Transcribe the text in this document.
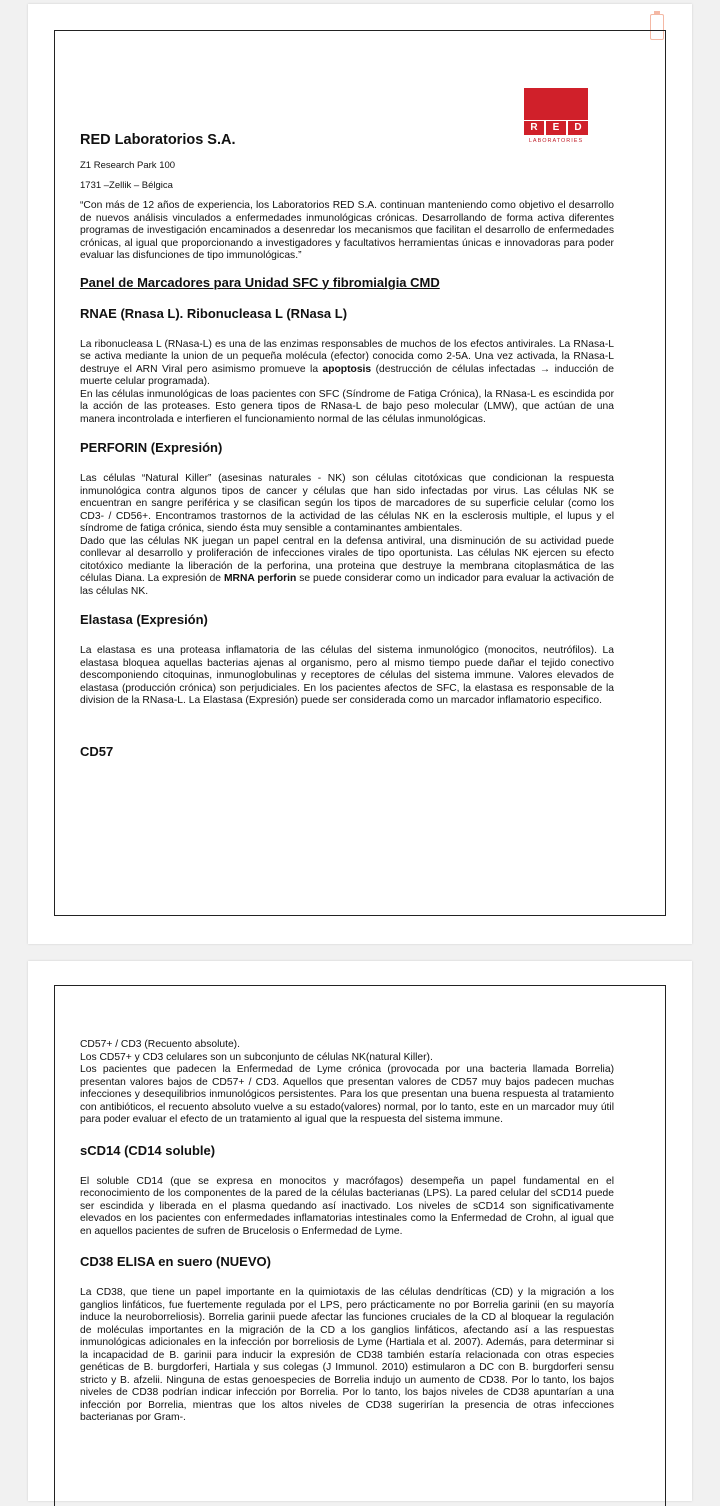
R	E	D
LABORATORIES
RED Laboratorios S.A.
Z1 Research Park 100
1731 –Zellik – Bélgica

“Con más de 12 años de experiencia, los Laboratorios RED S.A. continuan manteniendo como objetivo el desarrollo de nuevos análisis vinculados a enfermedades inmunológicas crónicas. Desarrollando de forma activa diferentes programas de investigación encaminados a desenredar los mecanismos que facilitan el desarrollo de enfermedades crónicas, al igual que proporcionando a investigadores y facultativos herramientas únicas e innovadoras para poder evaluar las disfunciones de tipo immunológicas.”

Panel de Marcadores para Unidad SFC y fibromialgia CMD
RNAE (Rnasa L). Ribonucleasa L (RNasa L)

La ribonucleasa L (RNasa-L) es una de las enzimas responsables de muchos de los efectos antivirales. La RNasa-L se activa mediante la union de un pequeña molécula (efector) conocida como 2-5A. Una vez activada, la RNasa-L destruye el ARN Viral pero asimismo promueve la apoptosis (destrucción de células infectadas → inducción de muerte celular programada).

En las células inmunológicas de loas pacientes con SFC (Síndrome de Fatiga Crónica), la RNasa-L es escindida por la acción de las proteases. Esto genera tipos de RNasa-L de bajo peso molecular (LMW), que actúan de una manera incontrolada e interfieren el funcionamiento normal de las células inmunológicas.

PERFORIN (Expresión)

Las células “Natural Killer” (asesinas naturales - NK) son células citotóxicas que condicionan la respuesta inmunológica contra algunos tipos de cancer y células que han sido infectadas por virus. Las células NK se encuentran en sangre periférica y se clasifican según los tipos de marcadores de su superficie celular (como los CD3- / CD56+. Encontramos trastornos de la actividad de las células NK en la esclerosis multiple, el lupus y el síndrome de fatiga crónica, siendo ésta muy sensible a contaminantes ambientales.

Dado que las células NK juegan un papel central en la defensa antiviral, una disminución de su actividad puede conllevar al desarrollo y proliferación de infecciones virales de tipo oportunista. Las células NK ejercen su efecto citotóxico mediante la liberación de la perforina, una proteina que destruye la membrana citoplasmática de las células Diana. La expresión de MRNA perforin se puede considerar como un indicador para evaluar la activación de las células NK.

Elastasa (Expresión)

La elastasa es una proteasa inflamatoria de las células del sistema inmunológico (monocitos, neutrófilos). La elastasa bloquea aquellas bacterias ajenas al organismo, pero al mismo tiempo puede dañar el tejido conectivo descomponiendo citoquinas, inmunoglobulinas y receptores de células del sistema immune. Valores elevados de elastasa (producción crónica) son perjudiciales. En los pacientes afectos de SFC, la elastasa es responsable de la division de la RNasa-L. La Elastasa (Expresión) puede ser considerada como un marcador inflamatorio especifico.

CD57

CD57+ / CD3 (Recuento absolute).

Los CD57+ y CD3 celulares son un subconjunto de células NK(natural Killer).

Los pacientes que padecen la Enfermedad de Lyme crónica (provocada por una bacteria llamada Borrelia) presentan valores bajos de CD57+ / CD3. Aquellos que presentan valores de CD57 muy bajos padecen muchas infecciones y desequilibrios inmunológicos persistentes. Para los que presentan una buena respuesta al tratamiento con antibióticos, el recuento absoluto vuelve a su estado(valores) normal, por lo tanto, este en un marcador muy útil para poder evaluar el efecto de un tratamiento al igual que la respuesta del sistema immune.

sCD14 (CD14 soluble)

El soluble CD14 (que se expresa en monocitos y macrófagos) desempeña un papel fundamental en el reconocimiento de los componentes de la pared de la células bacterianas (LPS). La pared celular del sCD14 puede ser escindida y liberada en el plasma quedando así inactivado. Los niveles de sCD14 son significativamente elevados en los pacientes con enfermedades inflamatorias intestinales como la Enfermedad de Crohn, al igual que en aquellos pacientes de sufren de Brucelosis o Enfermedad de Lyme.

CD38 ELISA en suero (NUEVO)

La CD38, que tiene un papel importante en la quimiotaxis de las células dendríticas (CD) y la migración a los ganglios linfáticos, fue fuertemente regulada por el LPS, pero prácticamente no por Borrelia garinii (en su mayoría induce la neuroborreliosis). Borrelia garinii puede afectar las funciones cruciales de la CD al bloquear la regulación de moléculas importantes en la migración de la CD a los ganglios linfáticos, afectando así a las respuestas inmunológicas adicionales en la infección por borreliosis de Lyme (Hartiala et al. 2007). Además, para determinar si la incapacidad de B. garinii para inducir la expresión de CD38 también estaría relacionada con otras especies genéticas de B. burgdorferi, Hartiala y sus colegas (J Immunol. 2010) estimularon a DC con B. burgdorferi sensu stricto y B. afzelii. Ninguna de estas genoespecies de Borrelia indujo un aumento de CD38. Por lo tanto, los bajos niveles de CD38 podrían indicar infección por Borrelia. Por lo tanto, los bajos niveles de CD38 apuntarían a una infección por Borrelia, mientras que los altos niveles de CD38 sugerirían la presencia de otras infecciones bacterianas por Gram-.
